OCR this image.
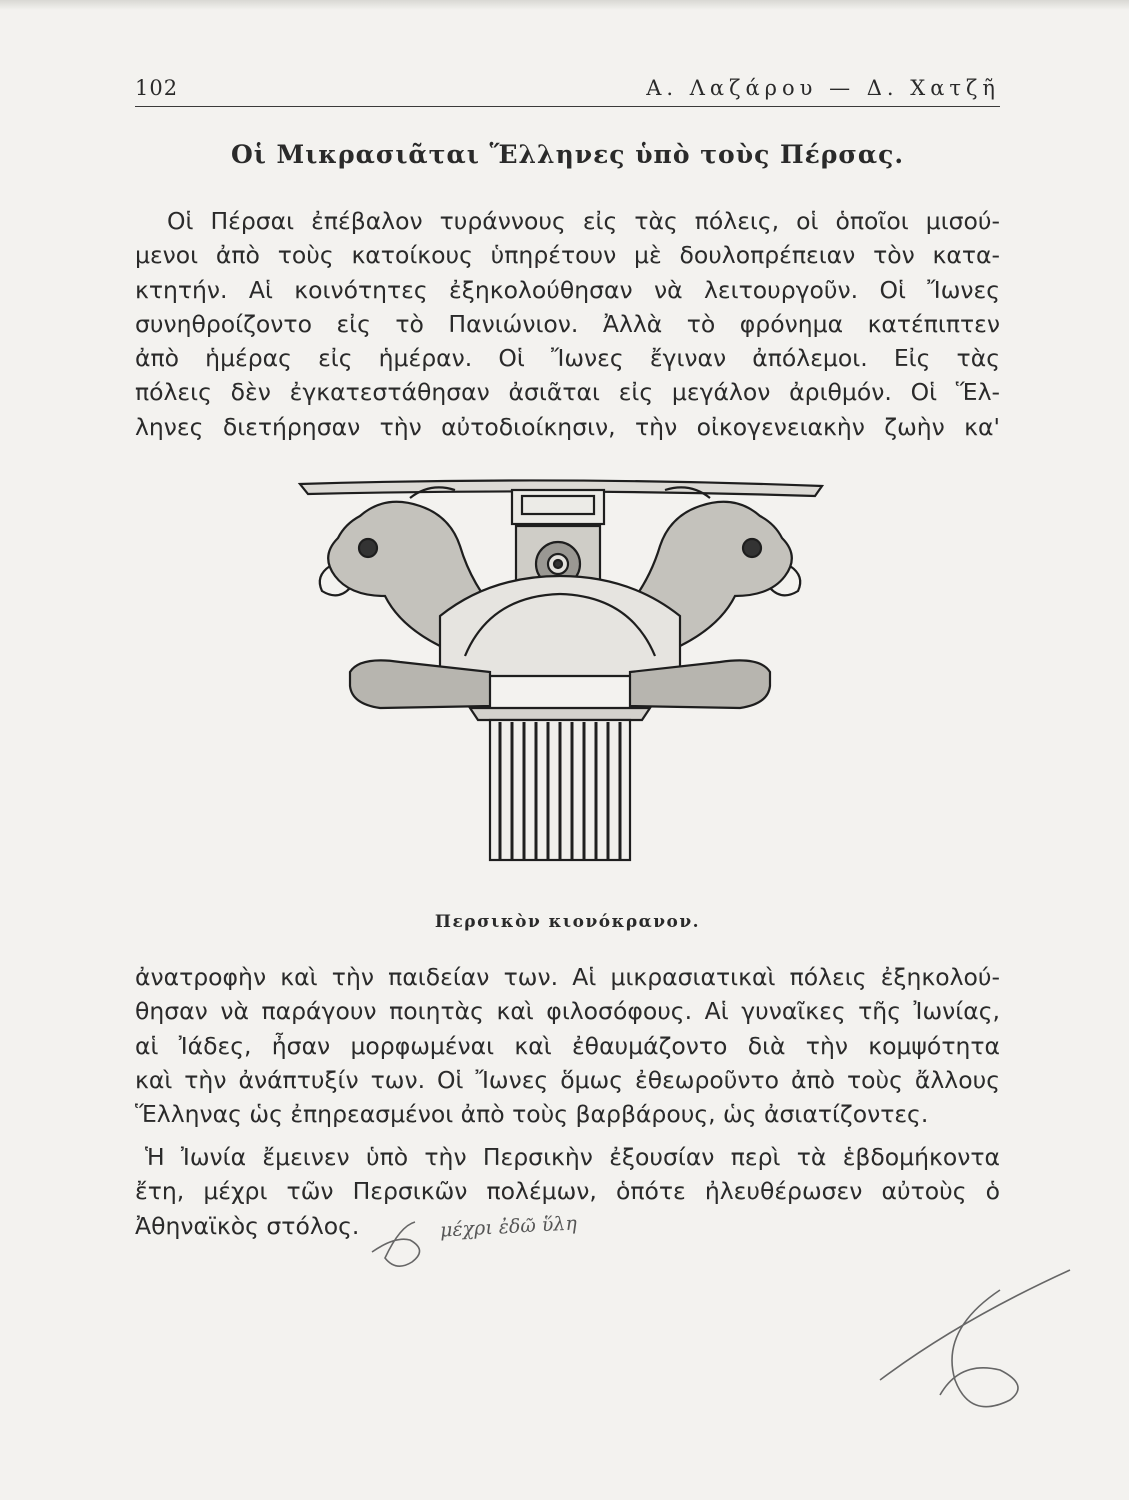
102	Α. Λαζάρου — Δ. Χατζῆ
Οἱ Μικρασιᾶται Ἕλληνες ὑπὸ τοὺς Πέρσας.

Οἱ Πέρσαι ἐπέβαλον τυράννους εἰς τὰς πόλεις, οἱ ὁποῖοι μισού-
μενοι ἀπὸ τοὺς κατοίκους ὑπηρέτουν μὲ δουλοπρέπειαν τὸν κατα-
κτητήν. Αἱ κοινότητες ἐξηκολούθησαν νὰ λειτουργοῦν. Οἱ Ἴωνες
συνηθροίζοντο εἰς τὸ Πανιώνιον. Ἀλλὰ τὸ φρόνημα κατέπιπτεν
ἀπὸ ἡμέρας εἰς ἡμέραν. Οἱ Ἴωνες ἔγιναν ἀπόλεμοι. Εἰς τὰς
πόλεις δὲν ἐγκατεστάθησαν ἀσιᾶται εἰς μεγάλον ἀριθμόν. Οἱ Ἕλ-
ληνες διετήρησαν τὴν αὐτοδιοίκησιν, τὴν οἰκογενειακὴν ζωὴν κα'

Περσικὸν κιονόκρανον.

ἀνατροφὴν καὶ τὴν παιδείαν των. Αἱ μικρασιατικαὶ πόλεις ἐξηκολού-
θησαν νὰ παράγουν ποιητὰς καὶ φιλοσόφους. Αἱ γυναῖκες τῆς Ἰωνίας,
αἱ Ἰάδες, ἦσαν μορφωμέναι καὶ ἐθαυμάζοντο διὰ τὴν κομψότητα
καὶ τὴν ἀνάπτυξίν των. Οἱ Ἴωνες ὅμως ἐθεωροῦντο ἀπὸ τοὺς ἄλλους
Ἕλληνας ὡς ἐπηρεασμένοι ἀπὸ τοὺς βαρβάρους, ὡς ἀσιατίζοντες.

Ἡ Ἰωνία ἔμεινεν ὑπὸ τὴν Περσικὴν ἐξουσίαν περὶ τὰ ἑβδομήκοντα
ἔτη, μέχρι τῶν Περσικῶν πολέμων, ὁπότε ἠλευθέρωσεν αὐτοὺς ὁ
Ἀθηναϊκὸς στόλος.	μέχρι ἐδῶ ὕλη
